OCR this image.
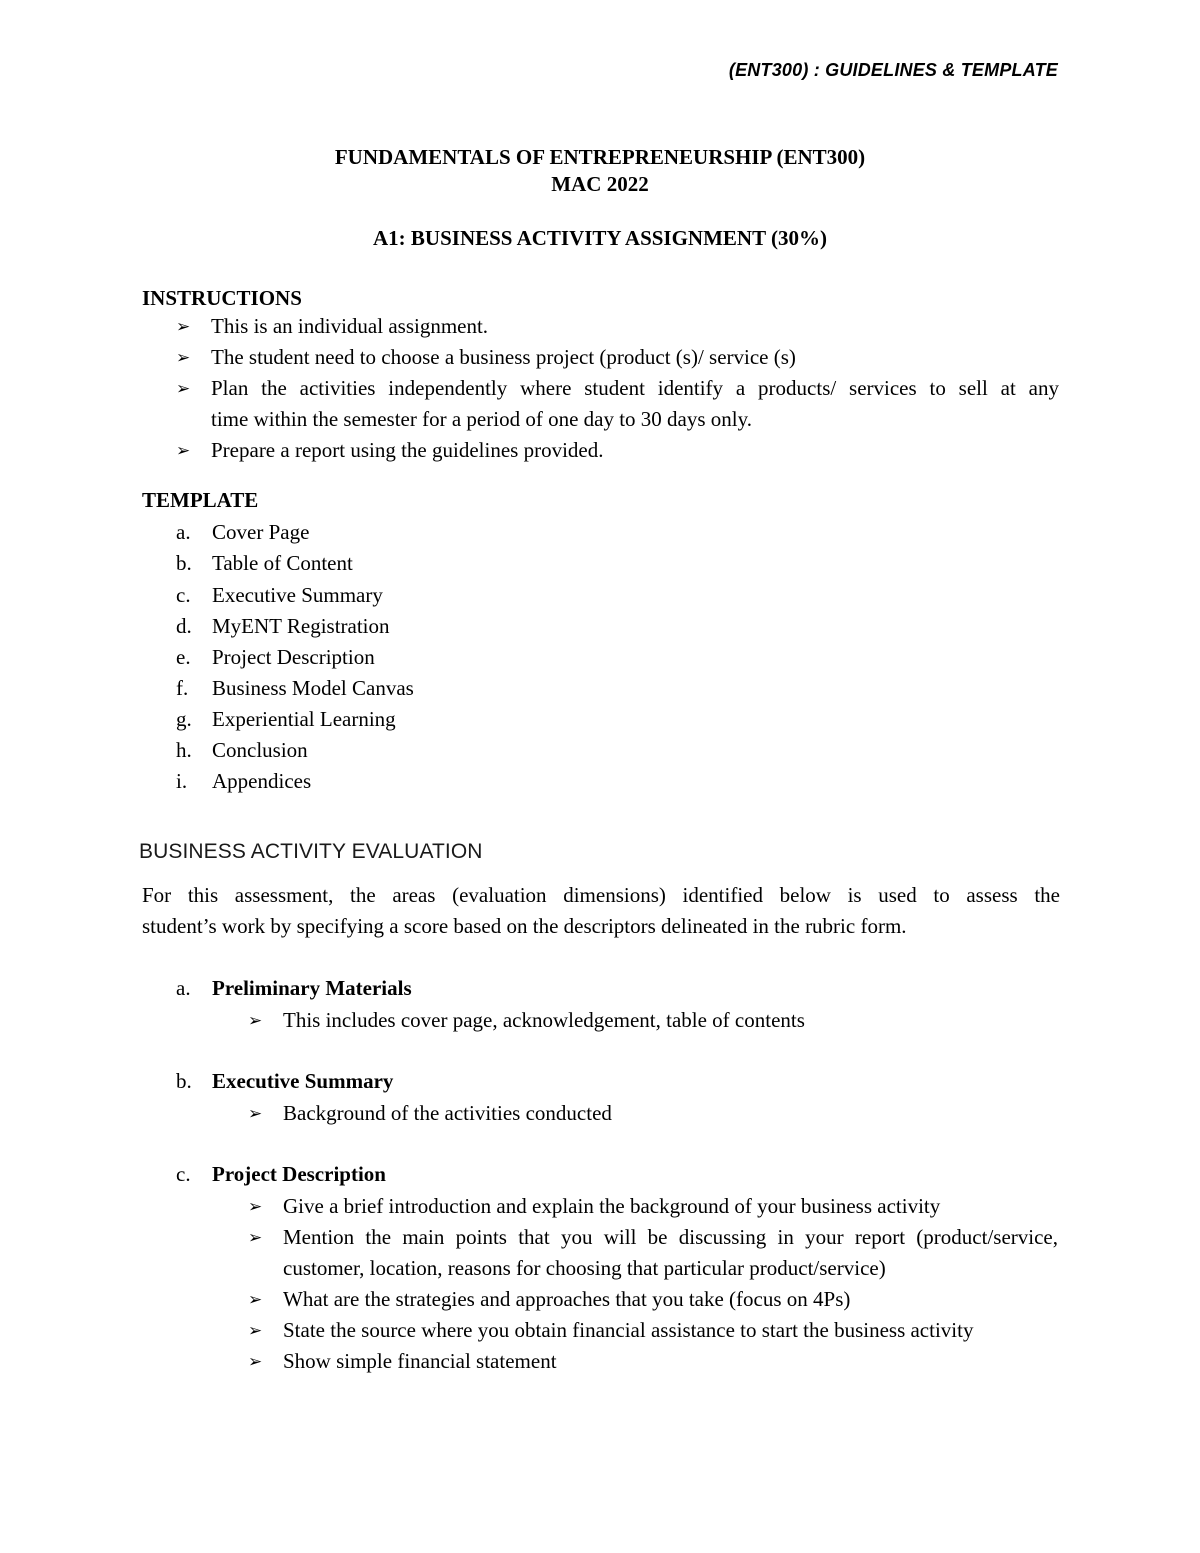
(ENT300) : GUIDELINES & TEMPLATE
FUNDAMENTALS OF ENTREPRENEURSHIP (ENT300)
MAC 2022
A1: BUSINESS ACTIVITY ASSIGNMENT (30%)
INSTRUCTIONS
➢ This is an individual assignment.
➢ The student need to choose a business project (product (s)/ service (s)
➢ Plan the activities independently where student identify a products/ services to sell at any
time within the semester for a period of one day to 30 days only.
➢ Prepare a report using the guidelines provided.
TEMPLATE
a. Cover Page
b. Table of Content
c. Executive Summary
d. MyENT Registration
e. Project Description
f. Business Model Canvas
g. Experiential Learning
h. Conclusion
i. Appendices
BUSINESS ACTIVITY EVALUATION
For this assessment, the areas (evaluation dimensions) identified below is used to assess the
student’s work by specifying a score based on the descriptors delineated in the rubric form.
a. Preliminary Materials
➢ This includes cover page, acknowledgement, table of contents
b. Executive Summary
➢ Background of the activities conducted
c. Project Description
➢ Give a brief introduction and explain the background of your business activity
➢ Mention the main points that you will be discussing in your report (product/service,
customer, location, reasons for choosing that particular product/service)
➢ What are the strategies and approaches that you take (focus on 4Ps)
➢ State the source where you obtain financial assistance to start the business activity
➢ Show simple financial statement
